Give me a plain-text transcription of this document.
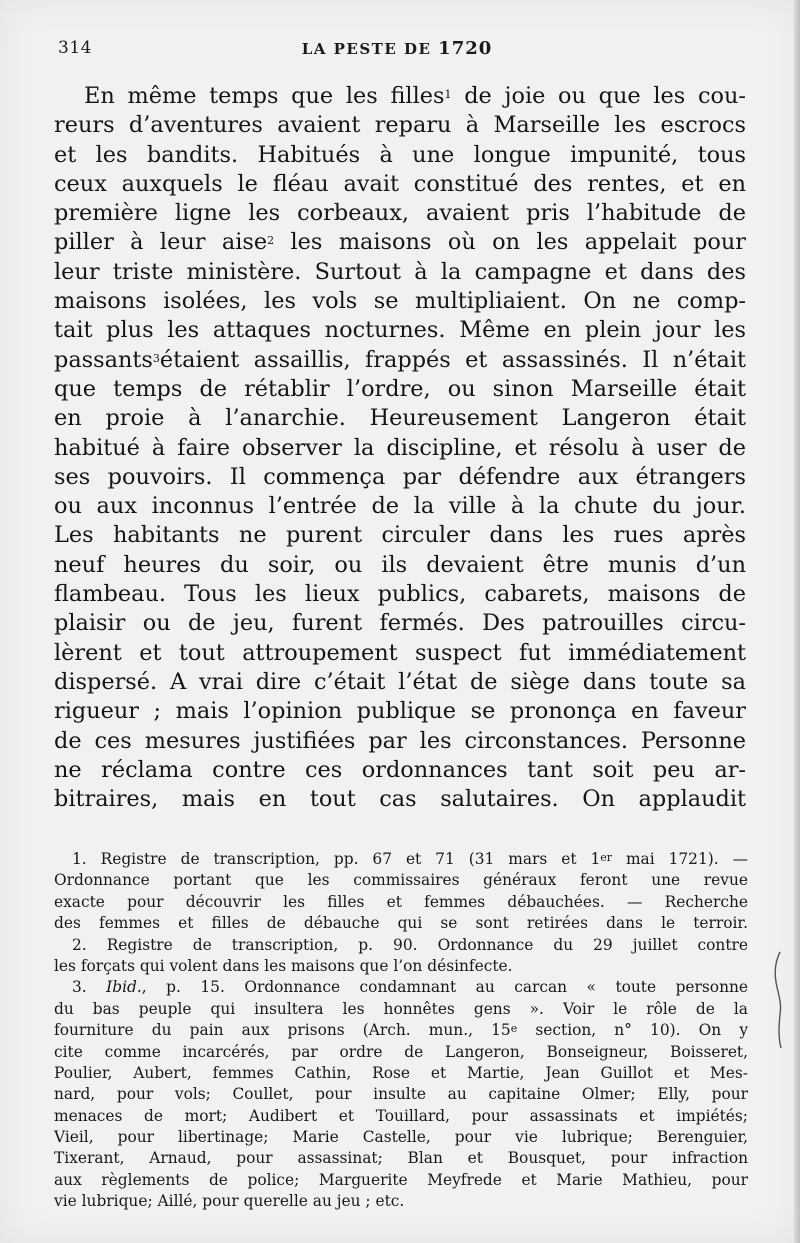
314	LA PESTE DE 1720
En même temps que les filles$^1$ de joie ou que les cou-
reurs d’aventures avaient reparu à Marseille les escrocs
et les bandits. Habitués à une longue impunité, tous
ceux auxquels le fléau avait constitué des rentes, et en
première ligne les corbeaux, avaient pris l’habitude de
piller à leur aise$^2$ les maisons où on les appelait pour
leur triste ministère. Surtout à la campagne et dans des
maisons isolées, les vols se multipliaient. On ne comp-
tait plus les attaques nocturnes. Même en plein jour les
passants$^3$étaient assaillis, frappés et assassinés. Il n’était
que temps de rétablir l’ordre, ou sinon Marseille était
en proie à l’anarchie. Heureusement Langeron était
habitué à faire observer la discipline, et résolu à user de
ses pouvoirs. Il commença par défendre aux étrangers
ou aux inconnus l’entrée de la ville à la chute du jour.
Les habitants ne purent circuler dans les rues après
neuf heures du soir, ou ils devaient être munis d’un
flambeau. Tous les lieux publics, cabarets, maisons de
plaisir ou de jeu, furent fermés. Des patrouilles circu-
lèrent et tout attroupement suspect fut immédiatement
dispersé. A vrai dire c’était l’état de siège dans toute sa
rigueur ; mais l’opinion publique se prononça en faveur
de ces mesures justifiées par les circonstances. Personne
ne réclama contre ces ordonnances tant soit peu ar-
bitraires, mais en tout cas salutaires. On applaudit
1. Registre de transcription, pp. 67 et 71 (31 mars et 1er mai 1721). —
Ordonnance portant que les commissaires généraux feront une revue
exacte pour découvrir les filles et femmes débauchées. — Recherche
des femmes et filles de débauche qui se sont retirées dans le terroir.
2. Registre de transcription, p. 90. Ordonnance du 29 juillet contre
les forçats qui volent dans les maisons que l’on désinfecte.
3. Ibid., p. 15. Ordonnance condamnant au carcan « toute personne
du bas peuple qui insultera les honnêtes gens ». Voir le rôle de la
fourniture du pain aux prisons (Arch. mun., 15e section, n° 10). On y
cite comme incarcérés, par ordre de Langeron, Bonseigneur, Boisseret,
Poulier, Aubert, femmes Cathin, Rose et Martie, Jean Guillot et Mes-
nard, pour vols; Coullet, pour insulte au capitaine Olmer; Elly, pour
menaces de mort; Audibert et Touillard, pour assassinats et impiétés;
Vieil, pour libertinage; Marie Castelle, pour vie lubrique; Berenguier,
Tixerant, Arnaud, pour assassinat; Blan et Bousquet, pour infraction
aux règlements de police; Marguerite Meyfrede et Marie Mathieu, pour
vie lubrique; Aillé, pour querelle au jeu ; etc.
